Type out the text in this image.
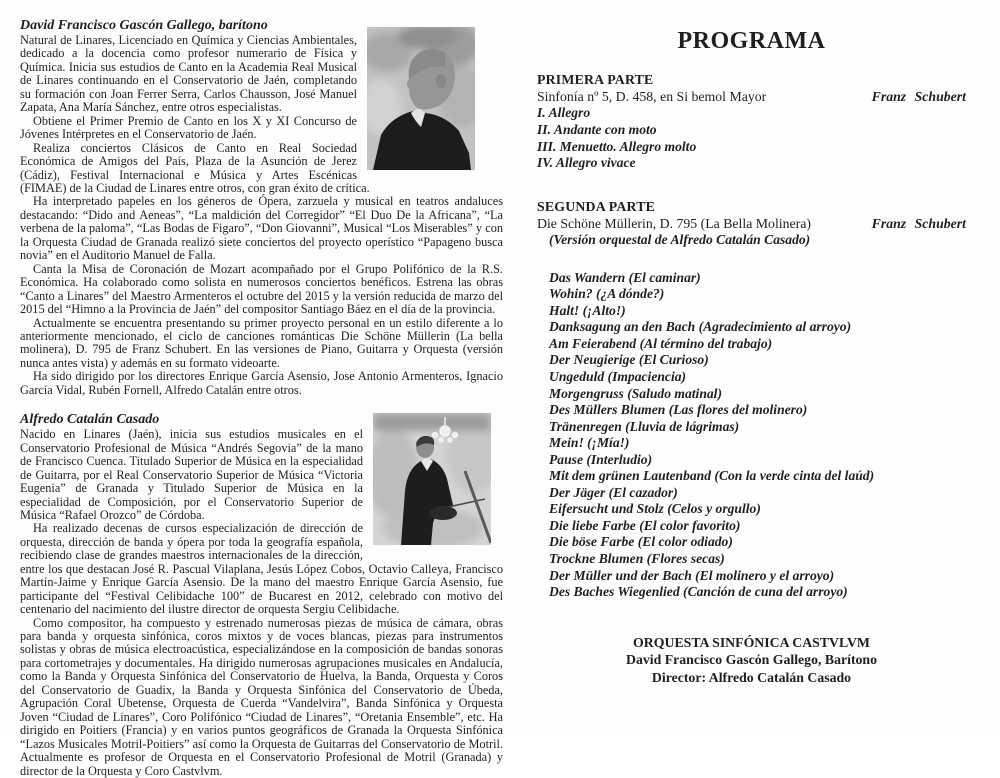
David Francisco Gascón Gallego, barítono

Natural de Linares, Licenciado en Química y Ciencias Ambientales, dedicado a la docencia como profesor numerario de Física y Química. Inicia sus estudios de Canto en la Academia Real Musical de Linares continuando en el Conservatorio de Jaén, completando su formación con Joan Ferrer Serra, Carlos Chausson, José Manuel Zapata, Ana María Sánchez, entre otros especialistas.

Obtiene el Primer Premio de Canto en los X y XI Concurso de Jóvenes Intérpretes en el Conservatorio de Jaén.

Realiza conciertos Clásicos de Canto en Real Sociedad Económica de Amigos del País, Plaza de la Asunción de Jerez (Cádiz), Festival Internacional e Música y Artes Escénicas (FIMAE) de la Ciudad de Linares entre otros, con gran éxito de crítica.

Ha interpretado papeles en los géneros de Ópera, zarzuela y musical en teatros andaluces destacando: “Dido and Aeneas”, “La maldición del Corregidor” “El Duo De la Africana”, “La verbena de la paloma”, “Las Bodas de Figaro”, “Don Giovanni”, Musical “Los Miserables” y con la Orquesta Ciudad de Granada realizó siete conciertos del proyecto operístico “Papageno busca novia” en el Auditorio Manuel de Falla.

Canta la Misa de Coronación de Mozart acompañado por el Grupo Polifónico de la R.S. Económica. Ha colaborado como solista en numerosos conciertos benéficos. Estrena las obras “Canto a Linares” del Maestro Armenteros el octubre del 2015 y la versión reducida de marzo del 2015 del “Himno a la Provincia de Jaén” del compositor Santiago Báez en el día de la provincia.

Actualmente se encuentra presentando su primer proyecto personal en un estilo diferente a lo anteriormente mencionado, el ciclo de canciones románticas Die Schöne Müllerin (La bella molinera), D. 795 de Franz Schubert. En las versiones de Piano, Guitarra y Orquesta (versión nunca antes vista) y además en su formato videoarte.

Ha sido dirigido por los directores Enrique García Asensio, Jose Antonio Armenteros, Ignacio García Vidal, Rubén Fornell, Alfredo Catalán entre otros.

Alfredo Catalán Casado

Nacido en Linares (Jaén), inicia sus estudios musicales en el Conservatorio Profesional de Música “Andrés Segovia” de la mano de Francisco Cuenca. Titulado Superior de Música en la especialidad de Guitarra, por el Real Conservatorio Superior de Música “Victoria Eugenia” de Granada y Titulado Superior de Música en la especialidad de Composición, por el Conservatorio Superior de Música “Rafael Orozco” de Córdoba.

Ha realizado decenas de cursos especialización de dirección de orquesta, dirección de banda y ópera por toda la geografía española, recibiendo clase de grandes maestros internacionales de la dirección, entre los que destacan José R. Pascual Vilaplana, Jesús López Cobos, Octavio Calleya, Francisco Martín-Jaime y Enrique García Asensio. De la mano del maestro Enrique García Asensio, fue participante del “Festival Celibidache 100” de Bucarest en 2012, celebrado con motivo del centenario del nacimiento del ilustre director de orquesta Sergiu Celibidache.

Como compositor, ha compuesto y estrenado numerosas piezas de música de cámara, obras para banda y orquesta sinfónica, coros mixtos y de voces blancas, piezas para instrumentos solistas y obras de música electroacústica, especializándose en la composición de bandas sonoras para cortometrajes y documentales. Ha dirigido numerosas agrupaciones musicales en Andalucía, como la Banda y Orquesta Sinfónica del Conservatorio de Huelva, la Banda, Orquesta y Coros del Conservatorio de Guadix, la Banda y Orquesta Sinfónica del Conservatorio de Úbeda, Agrupación Coral Ubetense, Orquesta de Cuerda “Vandelvira”, Banda Sinfónica y Orquesta Joven “Ciudad de Linares”, Coro Polifónico “Ciudad de Linares”, “Oretania Ensemble”, etc. Ha dirigido en Poitiers (Francia) y en varios puntos geográficos de Granada la Orquesta Sinfónica “Lazos Musicales Motril-Poitiers” así como la Orquesta de Guitarras del Conservatorio de Motril. Actualmente es profesor de Orquesta en el Conservatorio Profesional de Motril (Granada) y director de la Orquesta y Coro Castvlvm.

PROGRAMA
PRIMERA PARTE
Sinfonía nº 5, D. 458, en Si bemol Mayor	Franz Schubert
I. Allegro
II. Andante con moto
III. Menuetto. Allegro molto
IV. Allegro vivace
SEGUNDA PARTE
Die Schöne Müllerin, D. 795 (La Bella Molinera)	Franz Schubert
(Versión orquestal de Alfredo Catalán Casado)
Das Wandern (El caminar)
Wohin? (¿A dónde?)
Halt! (¡Alto!)
Danksagung an den Bach (Agradecimiento al arroyo)
Am Feierabend (Al término del trabajo)
Der Neugierige (El Curioso)
Ungeduld (Impaciencia)
Morgengruss (Saludo matinal)
Des Müllers Blumen (Las flores del molinero)
Tränenregen (Lluvia de lágrimas)
Mein! (¡Mía!)
Pause (Interludio)
Mit dem grünen Lautenband (Con la verde cinta del laúd)
Der Jäger (El cazador)
Eifersucht und Stolz (Celos y orgullo)
Die liebe Farbe (El color favorito)
Die böse Farbe (El color odiado)
Trockne Blumen (Flores secas)
Der Müller und der Bach (El molinero y el arroyo)
Des Baches Wiegenlied (Canción de cuna del arroyo)
ORQUESTA SINFÓNICA CASTVLVM
David Francisco Gascón Gallego, Barítono
Director: Alfredo Catalán Casado
